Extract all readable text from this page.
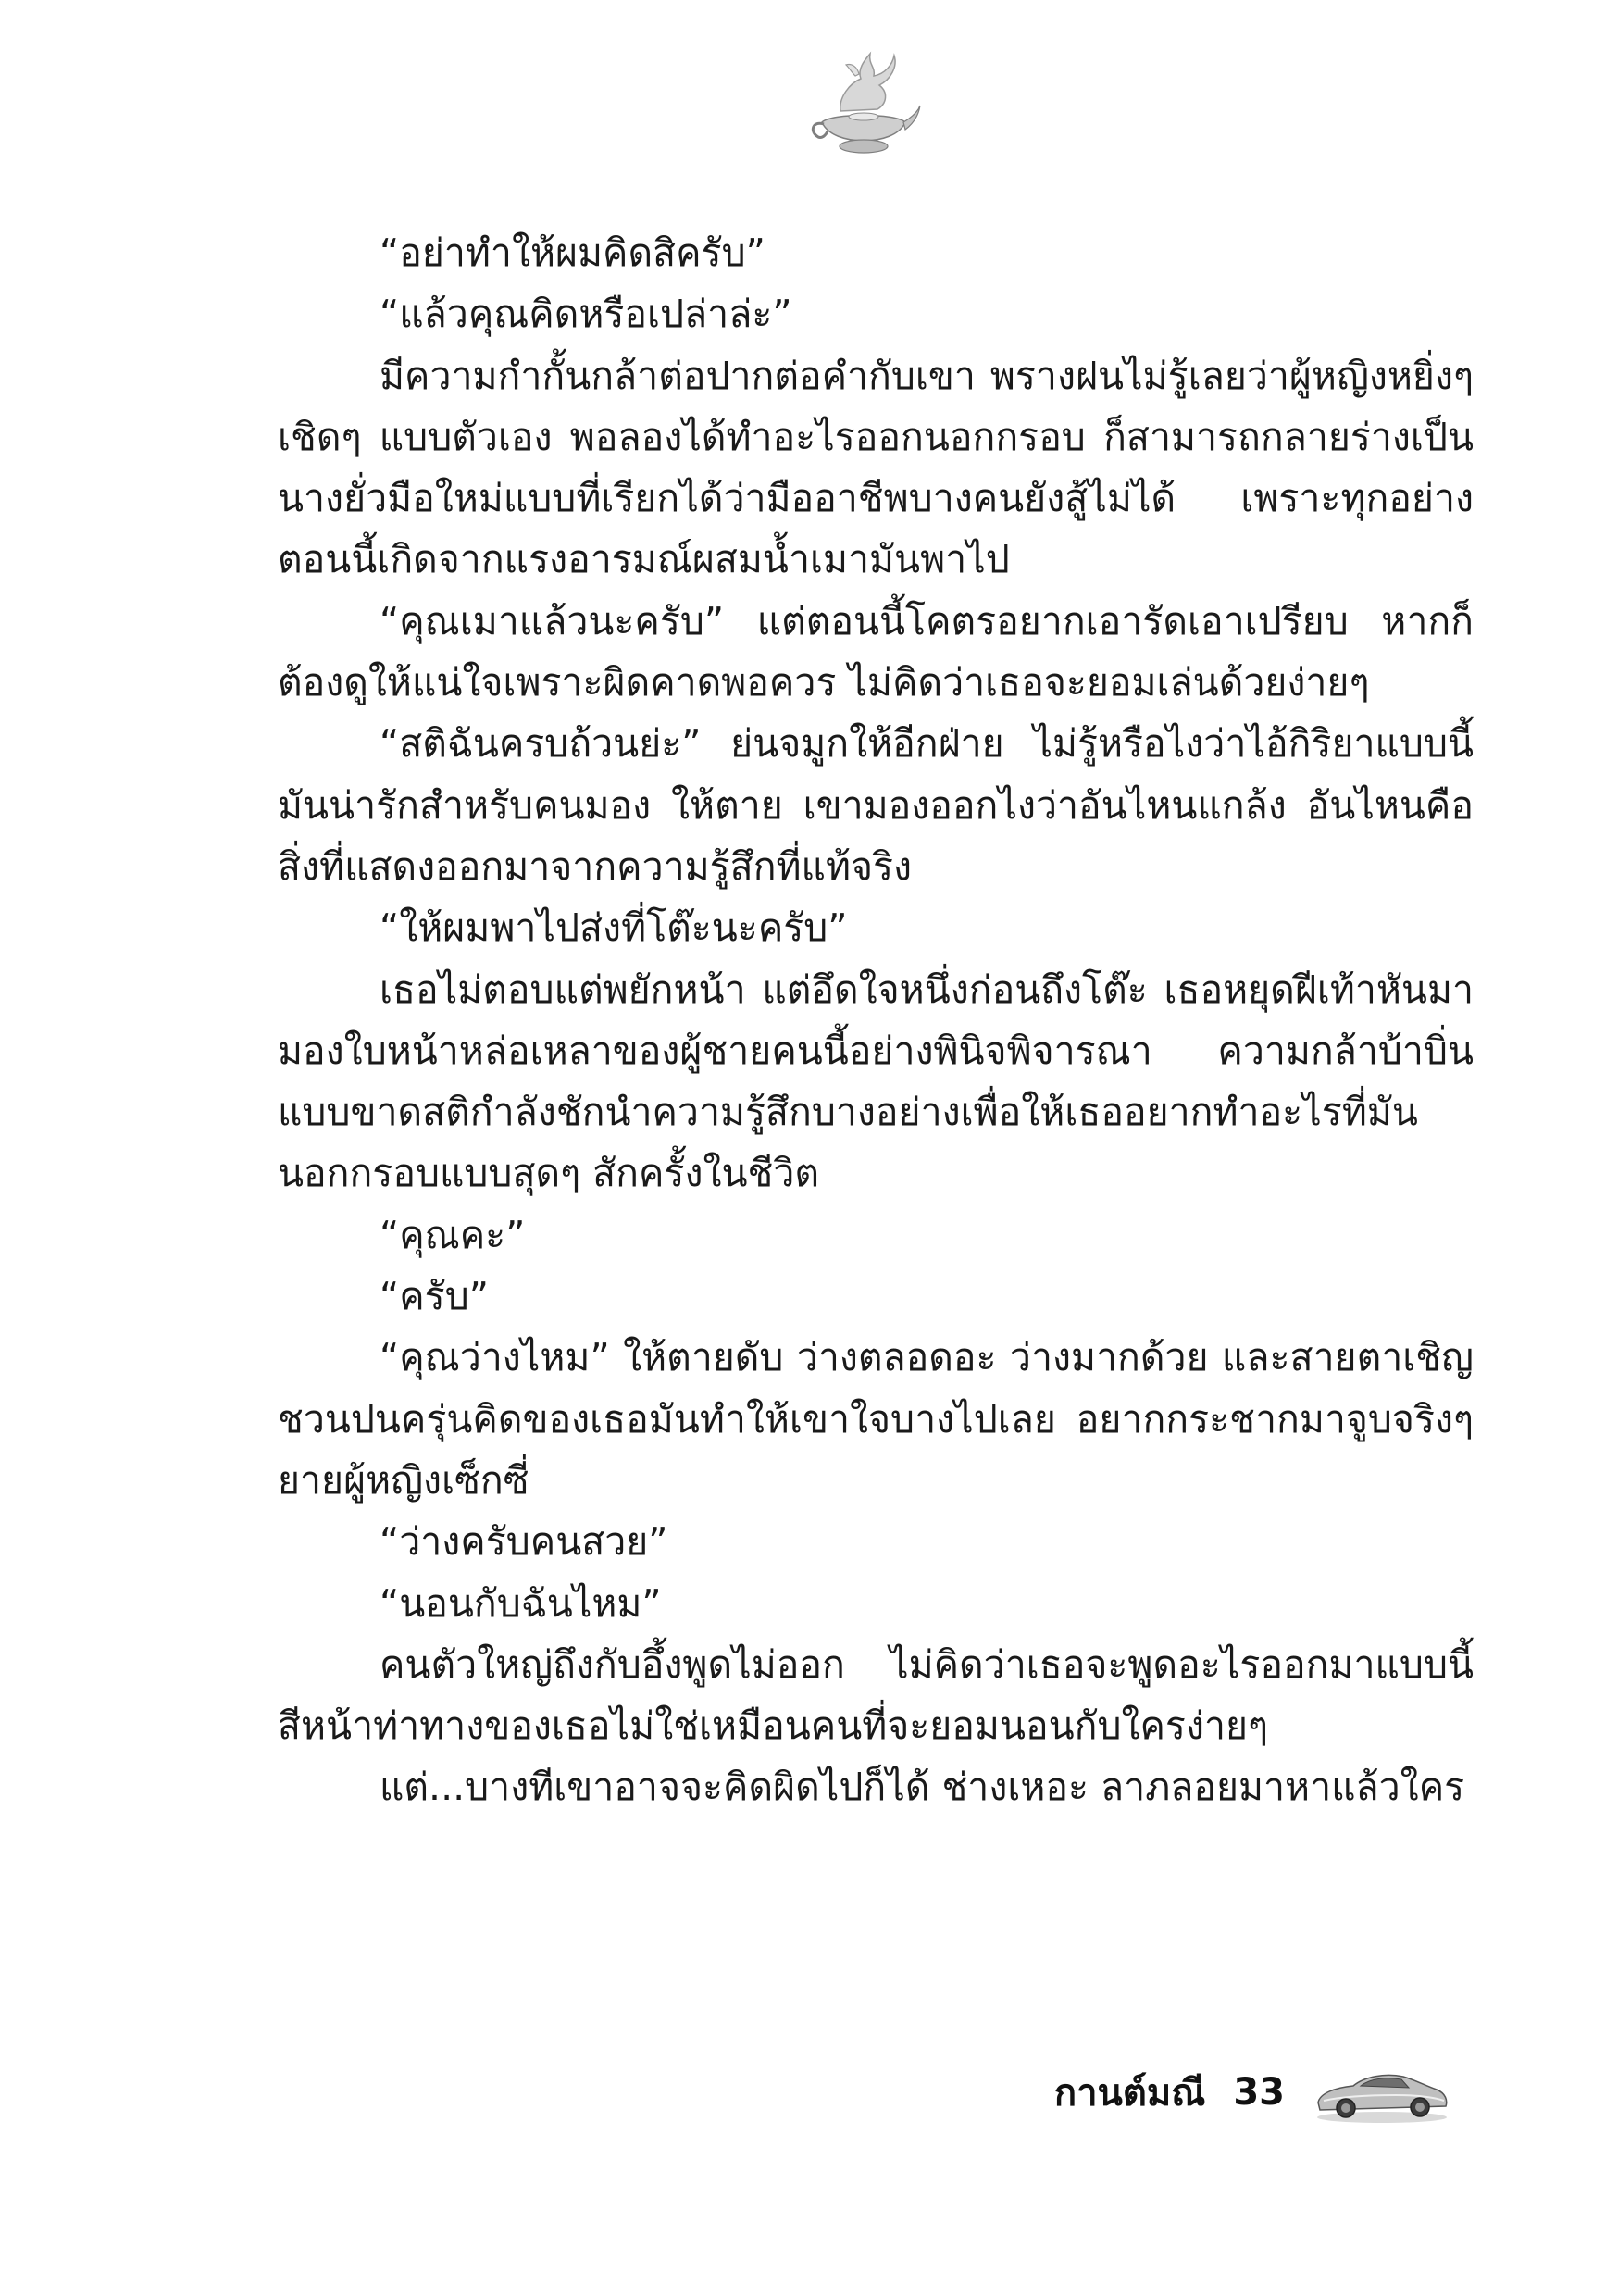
“อย่าทำให้ผมคิดสิครับ”

“แล้วคุณคิดหรือเปล่าล่ะ”

มีความกำกั้นกล้าต่อปากต่อคำกับเขา พรางฝนไม่รู้เลยว่าผู้หญิงหยิ่งๆ เชิดๆ แบบตัวเอง พอลองได้ทำอะไรออกนอกกรอบ ก็สามารถกลายร่างเป็นนางยั่วมือใหม่แบบที่เรียกได้ว่ามืออาชีพบางคนยังสู้ไม่ได้ เพราะทุกอย่างตอนนี้เกิดจากแรงอารมณ์ผสมน้ำเมามันพาไป

“คุณเมาแล้วนะครับ” แต่ตอนนี้โคตรอยากเอารัดเอาเปรียบ หากก็ต้องดูให้แน่ใจเพราะผิดคาดพอควร ไม่คิดว่าเธอจะยอมเล่นด้วยง่ายๆ

“สติฉันครบถ้วนย่ะ” ย่นจมูกให้อีกฝ่าย ไม่รู้หรือไงว่าไอ้กิริยาแบบนี้มันน่ารักสำหรับคนมอง ให้ตาย เขามองออกไงว่าอันไหนแกล้ง อันไหนคือสิ่งที่แสดงออกมาจากความรู้สึกที่แท้จริง

“ให้ผมพาไปส่งที่โต๊ะนะครับ”

เธอไม่ตอบแต่พยักหน้า แต่อึดใจหนึ่งก่อนถึงโต๊ะ เธอหยุดฝีเท้าหันมามองใบหน้าหล่อเหลาของผู้ชายคนนี้อย่างพินิจพิจารณา ความกล้าบ้าบิ่นแบบขาดสติกำลังชักนำความรู้สึกบางอย่างเพื่อให้เธออยากทำอะไรที่มันนอกกรอบแบบสุดๆ สักครั้งในชีวิต

“คุณคะ”

“ครับ”

“คุณว่างไหม” ให้ตายดับ ว่างตลอดอะ ว่างมากด้วย และสายตาเชิญชวนปนครุ่นคิดของเธอมันทำให้เขาใจบางไปเลย อยากกระชากมาจูบจริงๆ ยายผู้หญิงเซ็กซี่

“ว่างครับคนสวย”

“นอนกับฉันไหม”

คนตัวใหญ่ถึงกับอึ้งพูดไม่ออก ไม่คิดว่าเธอจะพูดอะไรออกมาแบบนี้ สีหน้าท่าทางของเธอไม่ใช่เหมือนคนที่จะยอมนอนกับใครง่ายๆ

แต่...บางทีเขาอาจจะคิดผิดไปก็ได้ ช่างเหอะ ลาภลอยมาหาแล้วใคร

กานต์มณี 33
